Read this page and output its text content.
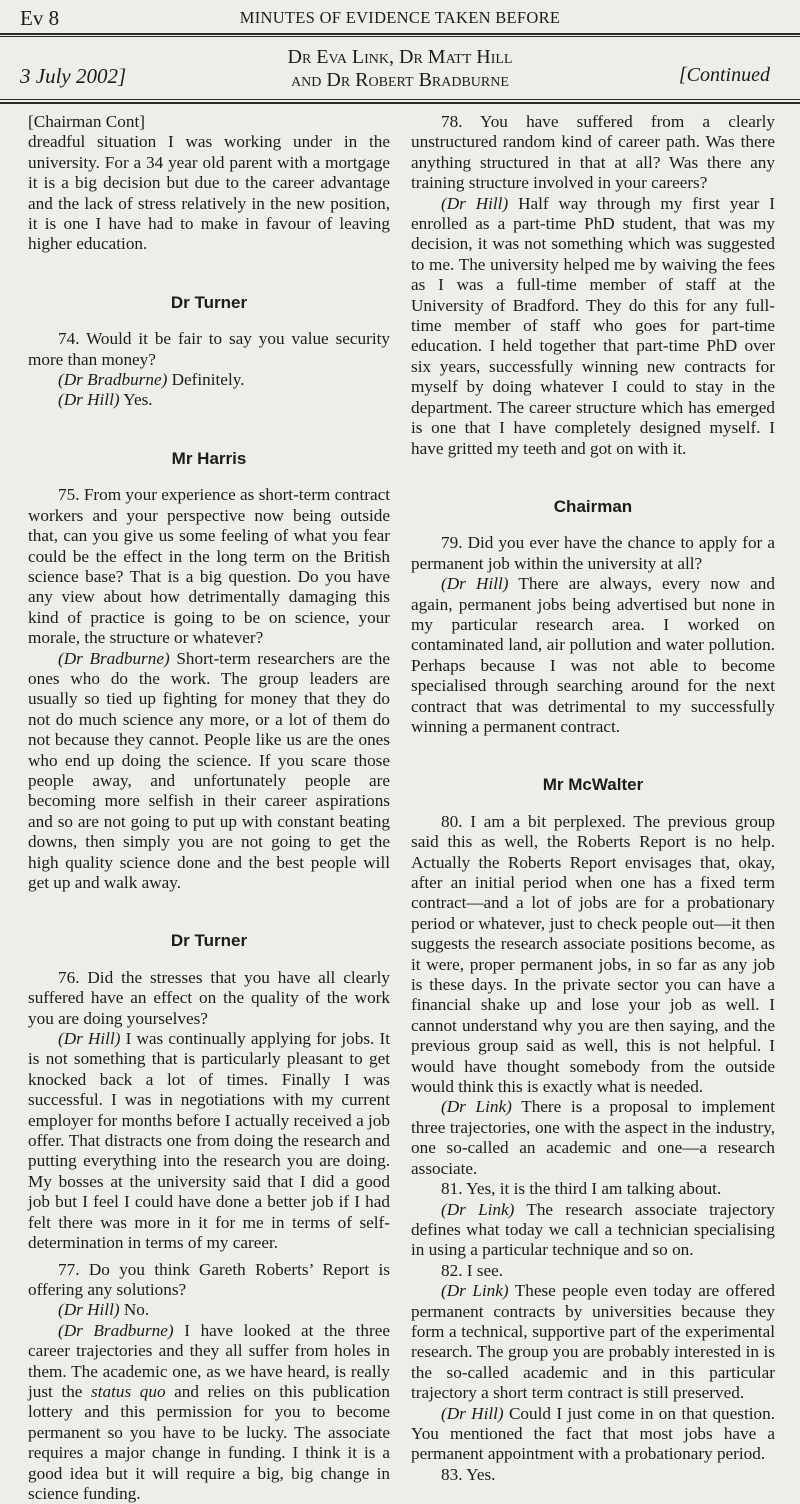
Ev 8	MINUTES OF EVIDENCE TAKEN BEFORE
3 July 2002]
Dr Eva Link, Dr Matt Hill
and Dr Robert Bradburne	[Continued

[Chairman Cont]

dreadful situation I was working under in the university. For a 34 year old parent with a mortgage it is a big decision but due to the career advantage and the lack of stress relatively in the new position, it is one I have had to make in favour of leaving higher education.

Dr Turner

74. Would it be fair to say you value security more than money?

(Dr Bradburne) Definitely.

(Dr Hill) Yes.

Mr Harris

75. From your experience as short-term contract workers and your perspective now being outside that, can you give us some feeling of what you fear could be the effect in the long term on the British science base? That is a big question. Do you have any view about how detrimentally damaging this kind of practice is going to be on science, your morale, the structure or whatever?

(Dr Bradburne) Short-term researchers are the ones who do the work. The group leaders are usually so tied up fighting for money that they do not do much science any more, or a lot of them do not because they cannot. People like us are the ones who end up doing the science. If you scare those people away, and unfortunately people are becoming more selfish in their career aspirations and so are not going to put up with constant beating downs, then simply you are not going to get the high quality science done and the best people will get up and walk away.

Dr Turner

76. Did the stresses that you have all clearly suffered have an effect on the quality of the work you are doing yourselves?

(Dr Hill) I was continually applying for jobs. It is not something that is particularly pleasant to get knocked back a lot of times. Finally I was successful. I was in negotiations with my current employer for months before I actually received a job offer. That distracts one from doing the research and putting everything into the research you are doing. My bosses at the university said that I did a good job but I feel I could have done a better job if I had felt there was more in it for me in terms of self-determination in terms of my career.

77. Do you think Gareth Roberts’ Report is offering any solutions?

(Dr Hill) No.

(Dr Bradburne) I have looked at the three career trajectories and they all suffer from holes in them. The academic one, as we have heard, is really just the status quo and relies on this publication lottery and this permission for you to become permanent so you have to be lucky. The associate requires a major change in funding. I think it is a good idea but it will require a big, big change in science funding.

78. You have suffered from a clearly unstructured random kind of career path. Was there anything structured in that at all? Was there any training structure involved in your careers?

(Dr Hill) Half way through my first year I enrolled as a part-time PhD student, that was my decision, it was not something which was suggested to me. The university helped me by waiving the fees as I was a full-time member of staff at the University of Bradford. They do this for any full-time member of staff who goes for part-time education. I held together that part-time PhD over six years, successfully winning new contracts for myself by doing whatever I could to stay in the department. The career structure which has emerged is one that I have completely designed myself. I have gritted my teeth and got on with it.

Chairman

79. Did you ever have the chance to apply for a permanent job within the university at all?

(Dr Hill) There are always, every now and again, permanent jobs being advertised but none in my particular research area. I worked on contaminated land, air pollution and water pollution. Perhaps because I was not able to become specialised through searching around for the next contract that was detrimental to my successfully winning a permanent contract.

Mr McWalter

80. I am a bit perplexed. The previous group said this as well, the Roberts Report is no help. Actually the Roberts Report envisages that, okay, after an initial period when one has a fixed term contract—and a lot of jobs are for a probationary period or whatever, just to check people out—it then suggests the research associate positions become, as it were, proper permanent jobs, in so far as any job is these days. In the private sector you can have a financial shake up and lose your job as well. I cannot understand why you are then saying, and the previous group said as well, this is not helpful. I would have thought somebody from the outside would think this is exactly what is needed.

(Dr Link) There is a proposal to implement three trajectories, one with the aspect in the industry, one so-called an academic and one—a research associate.

81. Yes, it is the third I am talking about.

(Dr Link) The research associate trajectory defines what today we call a technician specialising in using a particular technique and so on.

82. I see.

(Dr Link) These people even today are offered permanent contracts by universities because they form a technical, supportive part of the experimental research. The group you are probably interested in is the so-called academic and in this particular trajectory a short term contract is still preserved.

(Dr Hill) Could I just come in on that question. You mentioned the fact that most jobs have a permanent appointment with a probationary period.

83. Yes.
